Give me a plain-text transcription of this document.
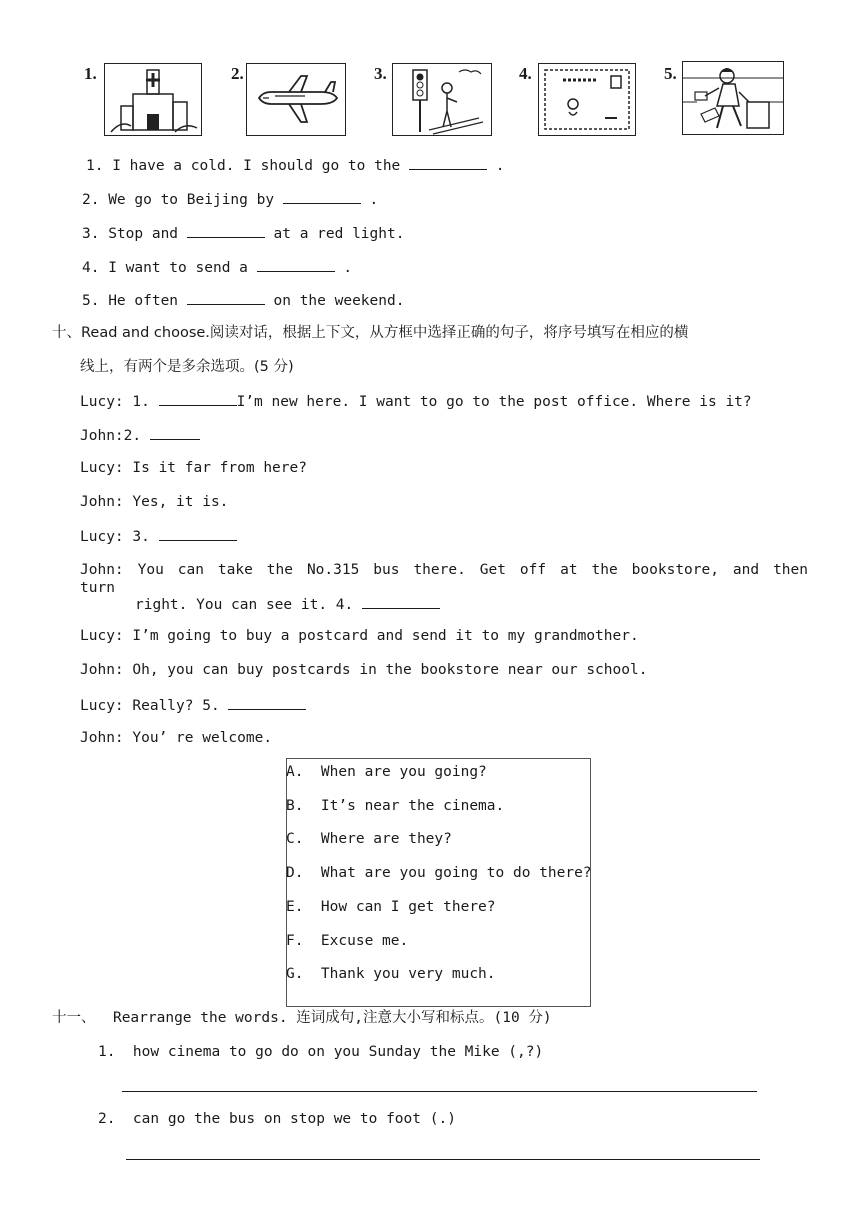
1.	2.	3.	4.	5.
1. I have a cold. I should go to the	.
2. We go to Beijing by	.
3. Stop and	at a red light.
4. I want to send a	.
5. He often	on the weekend.
十、Read and choose.阅读对话，根据上下文，从方框中选择正确的句子，将序号填写在相应的横
线上，有两个是多余选项。(5 分)
Lucy: 1.	I’m new here. I want to go to the post office. Where is it?
John:2.
Lucy: Is it far from here?
John: Yes, it is.
Lucy: 3.
John: You can take the No.315 bus there. Get off at the bookstore, and then turn
right. You can see it. 4.
Lucy: I’m going to buy a postcard and send it to my grandmother.
John: Oh, you can buy postcards in the bookstore near our school.
Lucy: Really? 5.
John: You’ re welcome.
A.  When are you going?
B.  It’s near the cinema.
C.  Where are they?
D.  What are you going to do there?
E.  How can I get there?
F.  Excuse me.
G.  Thank you very much.
十一、  Rearrange the words. 连词成句,注意大小写和标点。(10 分)
1.  how cinema to go do on you Sunday the Mike (,?)
2.  can go the bus on stop we to foot (.)
